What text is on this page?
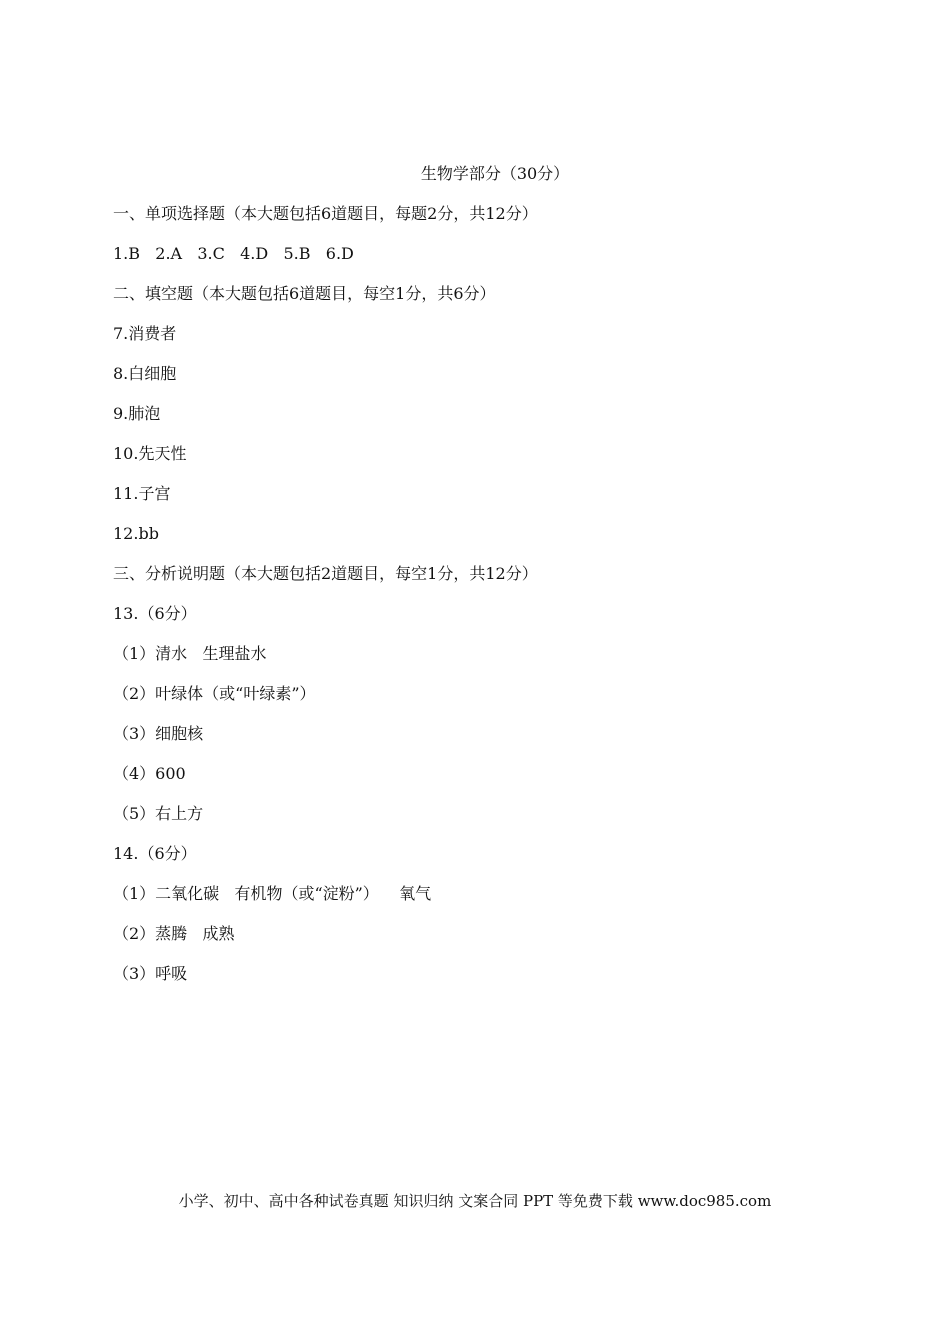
生物学部分（30分）
一、单项选择题（本大题包括6道题目，每题2分，共12分）
1.B   2.A   3.C   4.D   5.B   6.D
二、填空题（本大题包括6道题目，每空1分，共6分）
7.消费者
8.白细胞
9.肺泡
10.先天性
11.子宫
12.bb
三、分析说明题（本大题包括2道题目，每空1分，共12分）
13.（6分）
（1）清水   生理盐水
（2）叶绿体（或“叶绿素”）
（3）细胞核
（4）600
（5）右上方
14.（6分）
（1）二氧化碳   有机物（或“淀粉”）    氧气
（2）蒸腾   成熟
（3）呼吸
小学、初中、高中各种试卷真题 知识归纳 文案合同 PPT 等免费下载 www.doc985.com
